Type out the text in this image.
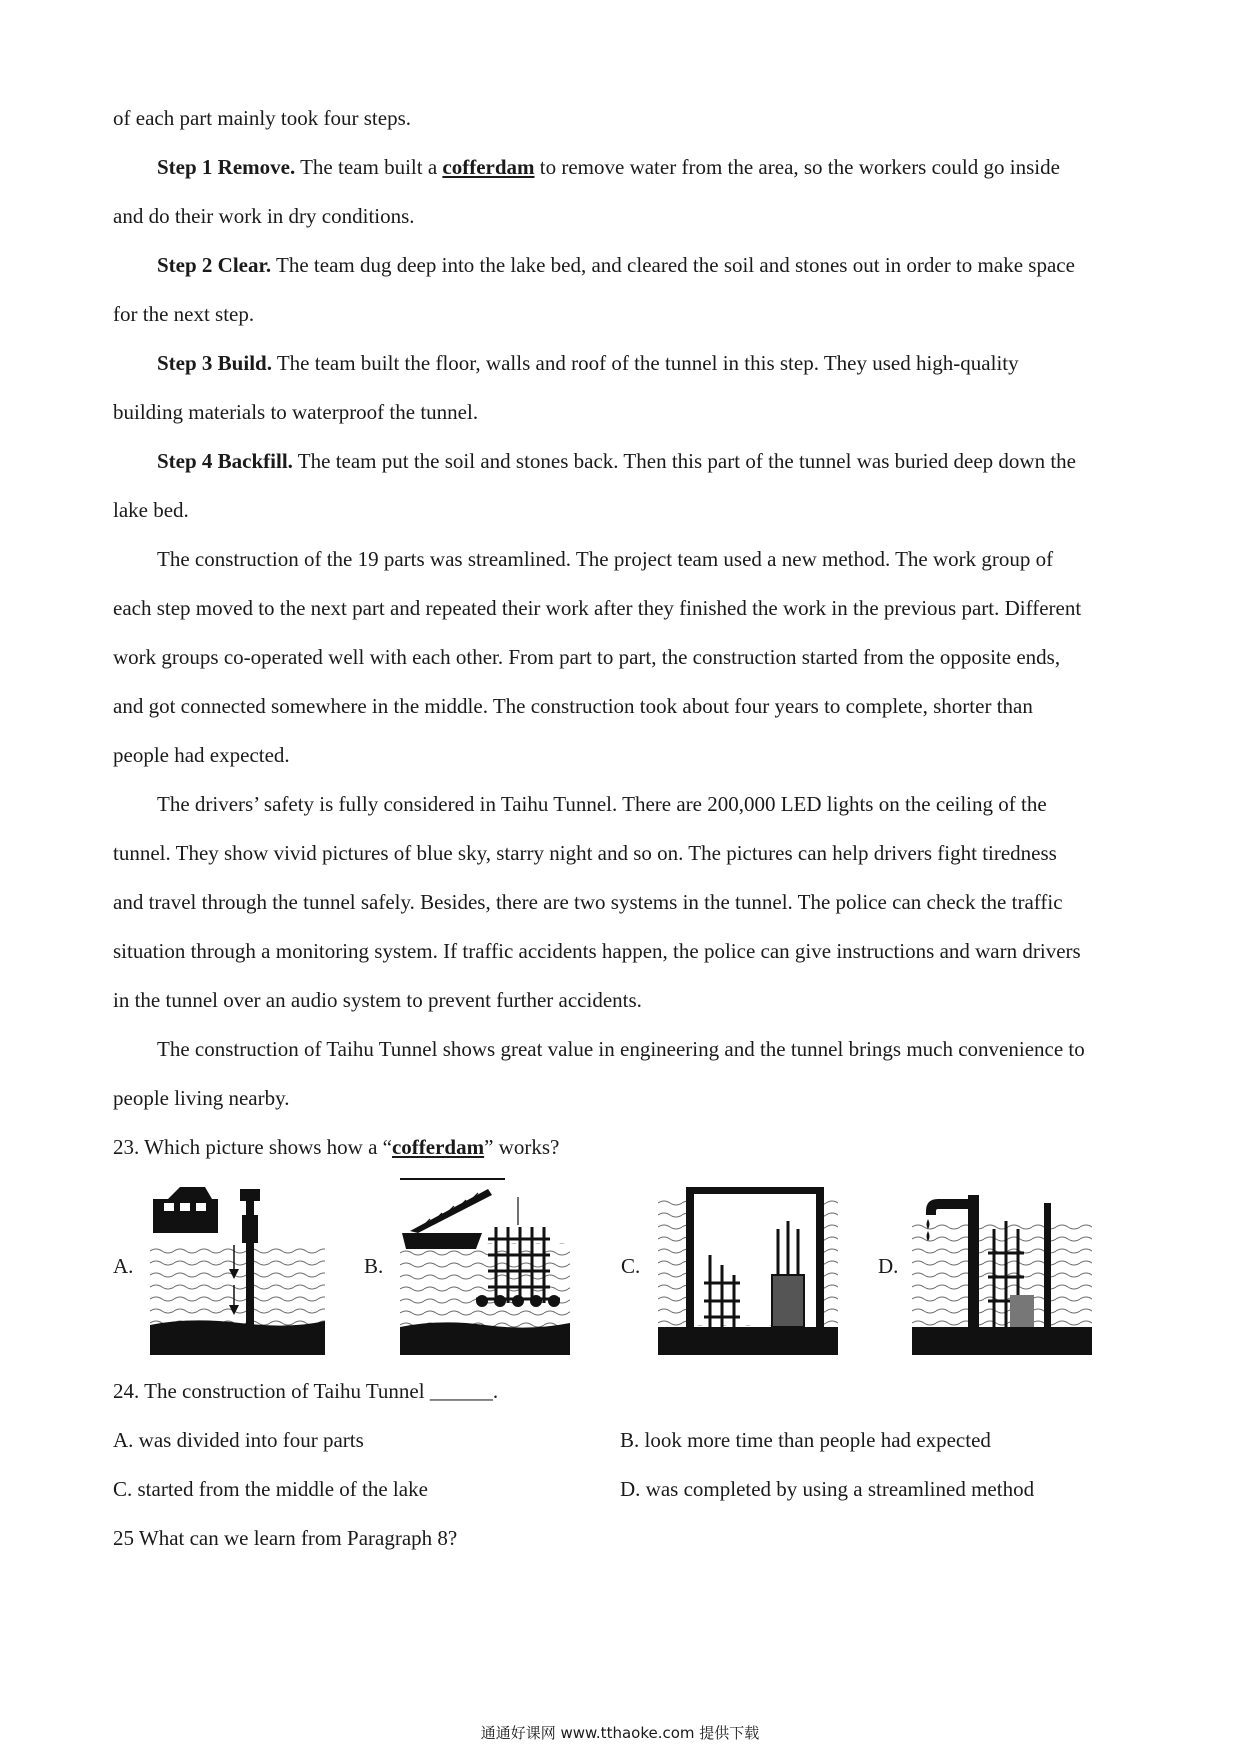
of each part mainly took four steps.
Step 1 Remove. The team built a cofferdam to remove water from the area, so the workers could go inside
and do their work in dry conditions.
Step 2 Clear. The team dug deep into the lake bed, and cleared the soil and stones out in order to make space
for the next step.
Step 3 Build. The team built the floor, walls and roof of the tunnel in this step. They used high-quality
building materials to waterproof the tunnel.
Step 4 Backfill. The team put the soil and stones back. Then this part of the tunnel was buried deep down the
lake bed.
The construction of the 19 parts was streamlined. The project team used a new method. The work group of
each step moved to the next part and repeated their work after they finished the work in the previous part. Different
work groups co-operated well with each other. From part to part, the construction started from the opposite ends,
and got connected somewhere in the middle. The construction took about four years to complete, shorter than
people had expected.
The drivers’ safety is fully considered in Taihu Tunnel. There are 200,000 LED lights on the ceiling of the
tunnel. They show vivid pictures of blue sky, starry night and so on. The pictures can help drivers fight tiredness
and travel through the tunnel safely. Besides, there are two systems in the tunnel. The police can check the traffic
situation through a monitoring system. If traffic accidents happen, the police can give instructions and warn drivers
in the tunnel over an audio system to prevent further accidents.
The construction of Taihu Tunnel shows great value in engineering and the tunnel brings much convenience to
people living nearby.
23. Which picture shows how a “cofferdam” works?
A.	B.	C.	D.
24. The construction of Taihu Tunnel ______.
A. was divided into four parts	B. look more time than people had expected
C. started from the middle of the lake	D. was completed by using a streamlined method
25 What can we learn from Paragraph 8?
通通好课网 www.tthaoke.com 提供下载
